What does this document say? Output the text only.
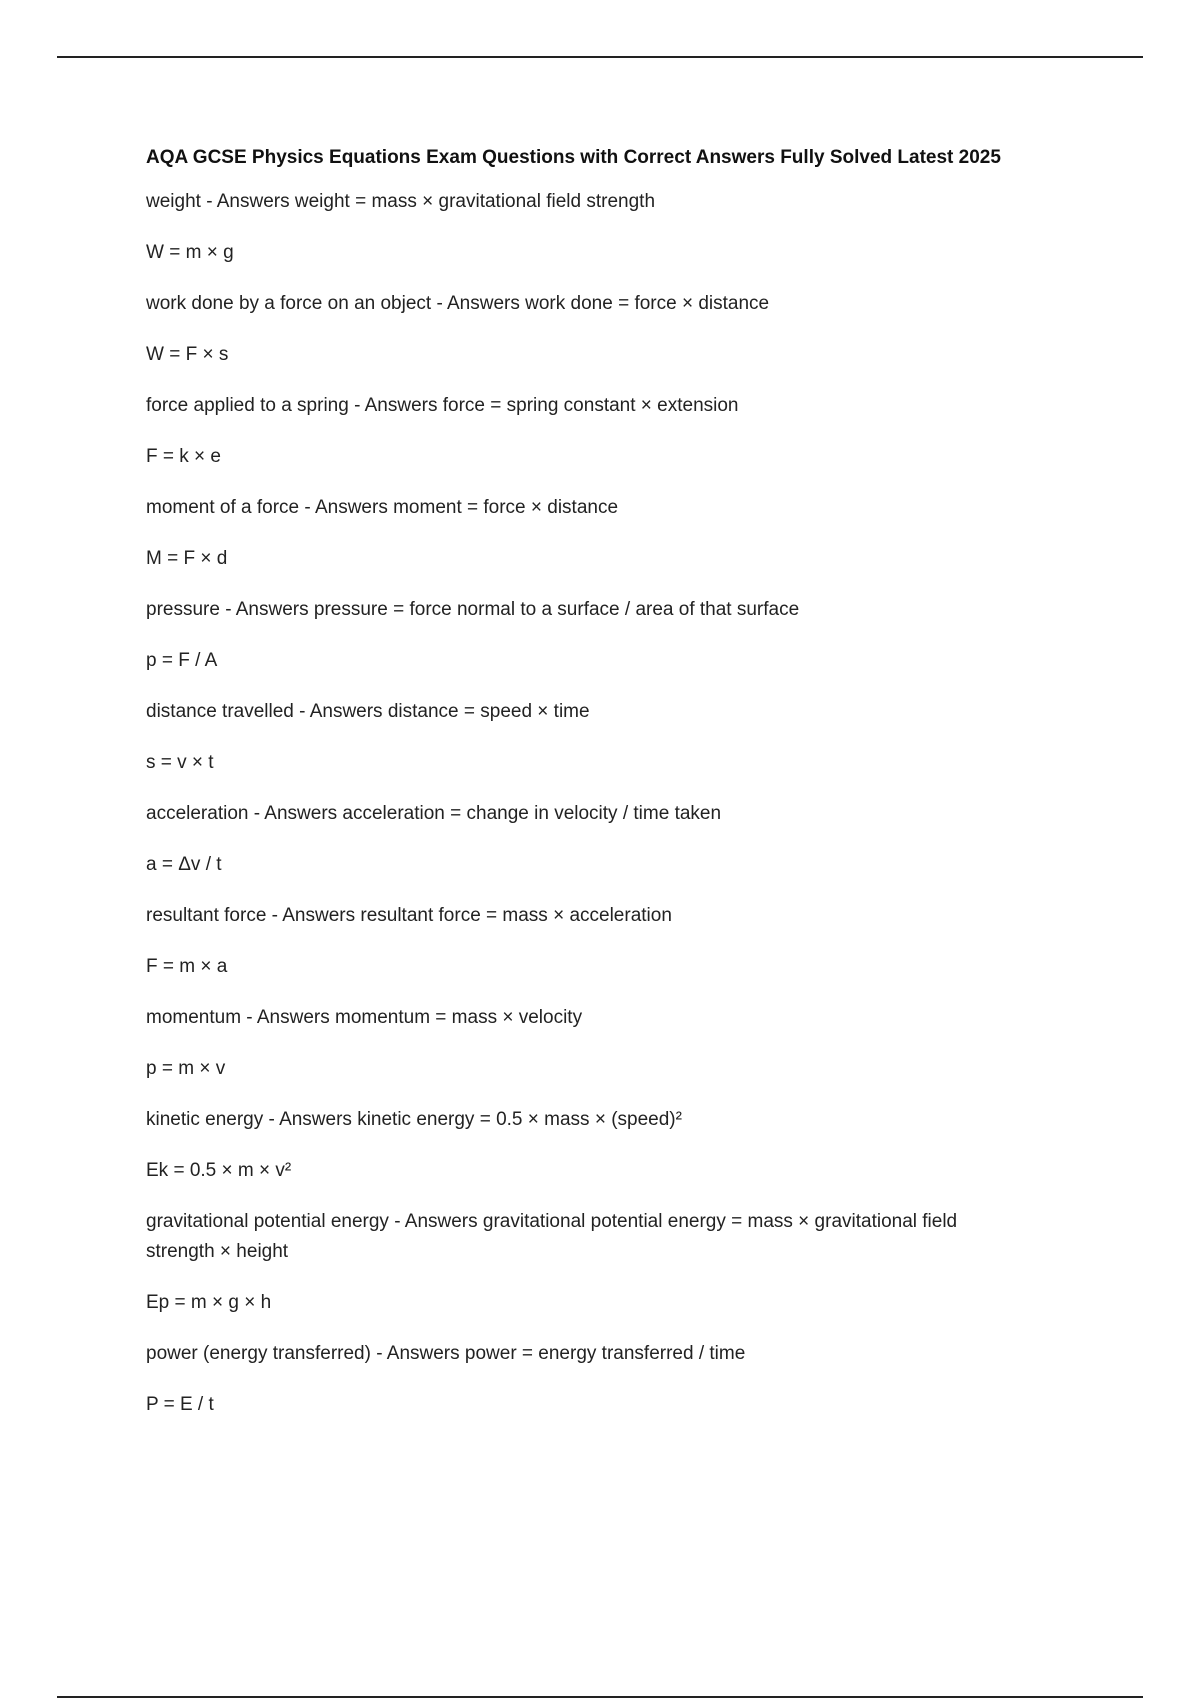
AQA GCSE Physics Equations Exam Questions with Correct Answers Fully Solved Latest 2025

weight - Answers weight = mass × gravitational field strength

W = m × g

work done by a force on an object - Answers work done = force × distance

W = F × s

force applied to a spring - Answers force = spring constant × extension

F = k × e

moment of a force - Answers moment = force × distance

M = F × d

pressure - Answers pressure = force normal to a surface / area of that surface

p = F / A

distance travelled - Answers distance = speed × time

s = v × t

acceleration - Answers acceleration = change in velocity / time taken

a = Δv / t

resultant force - Answers resultant force = mass × acceleration

F = m × a

momentum - Answers momentum = mass × velocity

p = m × v

kinetic energy - Answers kinetic energy = 0.5 × mass × (speed)²

Ek = 0.5 × m × v²

gravitational potential energy - Answers gravitational potential energy = mass × gravitational field strength × height

Ep = m × g × h

power (energy transferred) - Answers power = energy transferred / time

P = E / t
